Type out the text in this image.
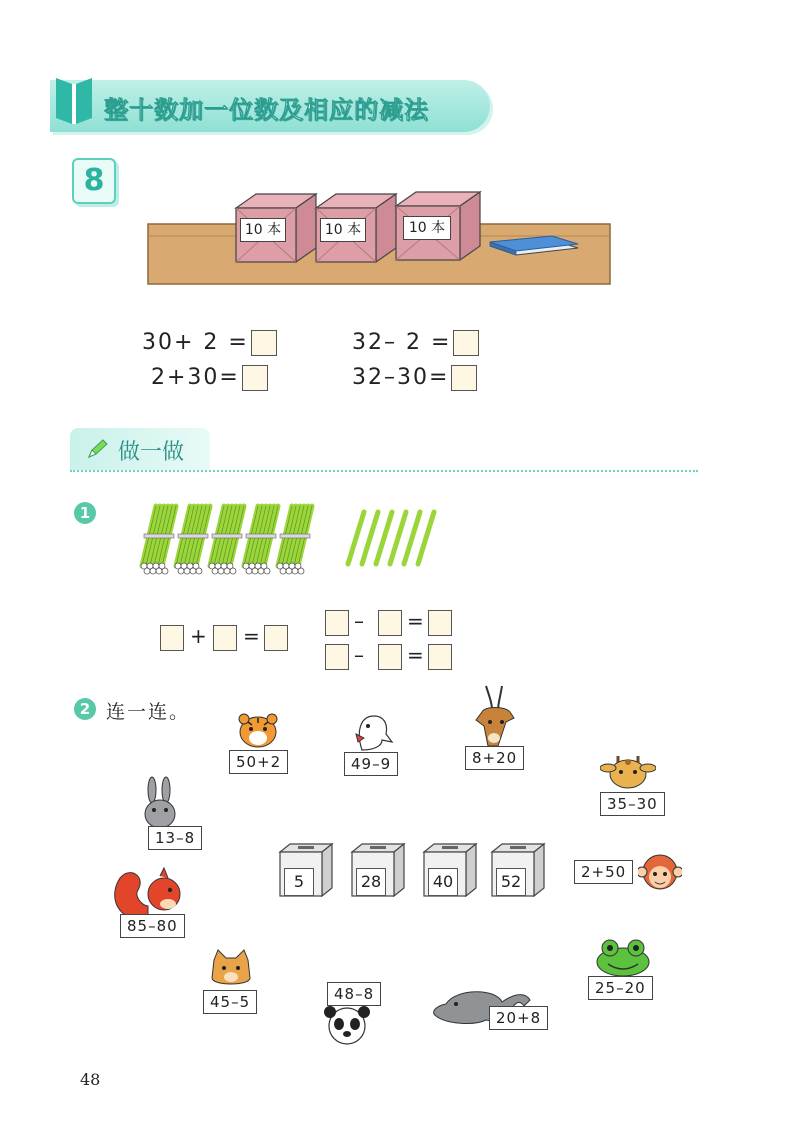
整十数加一位数及相应的减法
8
10 本	10 本	10 本
30+ 2 =	32– 2 =
2+30=	32–30=
做一做
1
+ =
– =
– =
2 连一连。
50+2	49–9	8+20
13–8
35–30
85–80
2+50
45–5	48–8
20+8
25–20
5	28	40	52
48
